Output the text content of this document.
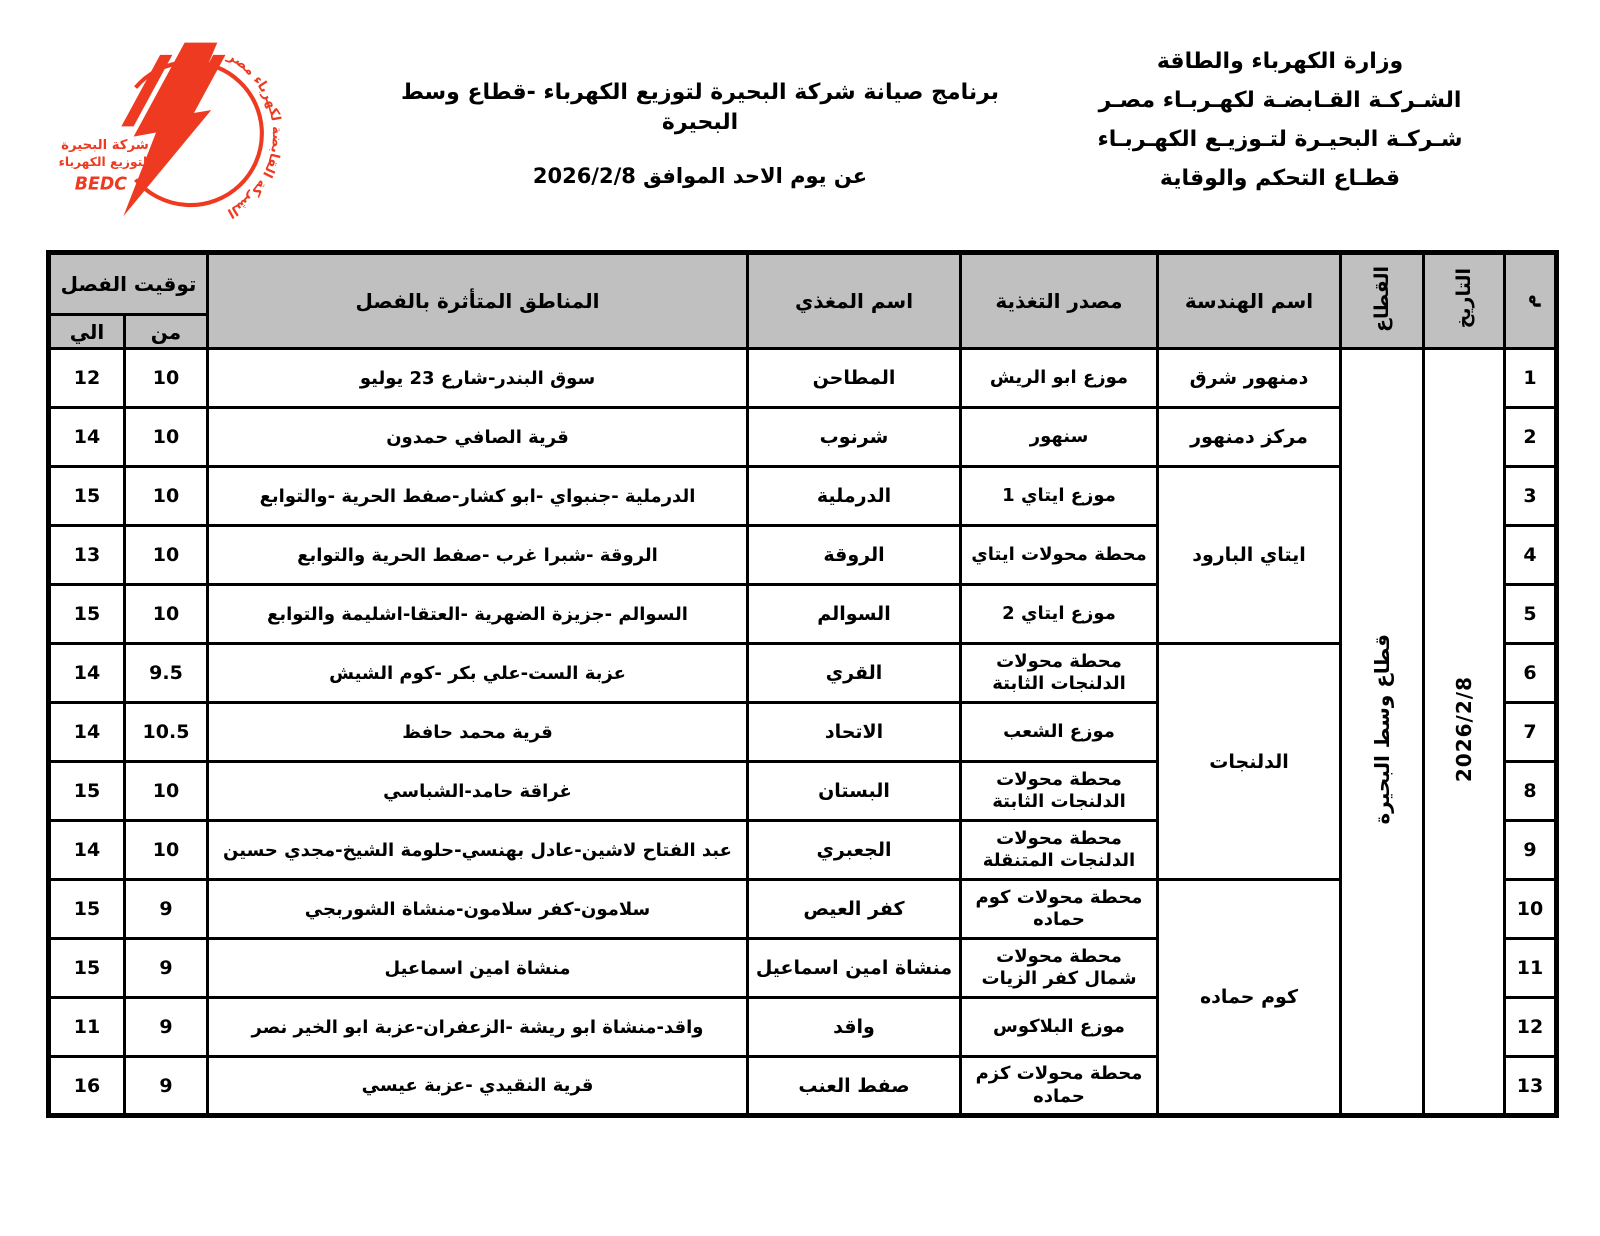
الشركة القابضة لكهرباء مصر
شركة البحيرة
لتوزيع الكهرباء
BEDC
برنامج صيانة شركة البحيرة لتوزيع الكهرباء -قطاع وسط البحيرة
عن يوم الاحد الموافق 2026/2/8
وزارة الكهرباء والطاقة
الشـركـة القـابضـة لكهـربـاء مصـر
شـركـة البحيـرة لتـوزيـع الكهـربـاء
قطـاع التحكم والوقاية
م	التاريخ	القطاع	اسم الهندسة	مصدر التغذية	اسم المغذي	المناطق المتأثرة بالفصل	توقيت الفصل	
							من	الي
1	2026/2/8	قطاع وسط البحيرة	دمنهور شرق	موزع ابو الريش	المطاحن	سوق البندر-شارع 23 يوليو	10	12
2			مركز دمنهور	سنهور	شرنوب	قرية الصافي حمدون	10	14
3			ايتاي البارود	موزع ايتاي 1	الدرملية	الدرملية -جنبواي -ابو كشار-صفط الحرية -والتوابع	10	15
4				محطة محولات ايتاي	الروقة	الروقة -شبرا غرب -صفط الحرية والتوابع	10	13
5				موزع ايتاي 2	السوالم	السوالم -جزيزة الضهرية -العتقا-اشليمة والتوابع	10	15
6			الدلنجات	محطة محولات الدلنجات الثابتة	القري	عزبة الست-علي بكر -كوم الشيش	9.5	14
7				موزع الشعب	الاتحاد	قرية محمد حافظ	10.5	14
8				محطة محولات الدلنجات الثابتة	البستان	غراقة حامد-الشباسي	10	15
9				محطة محولات الدلنجات المتنقلة	الجعبري	عبد الفتاح لاشين-عادل بهنسي-حلومة الشيخ-مجدي حسين	10	14
10			كوم حماده	محطة محولات كوم حماده	كفر العيص	سلامون-كفر سلامون-منشاة الشوربجي	9	15
11				محطة محولات شمال كفر الزيات	منشاة امين اسماعيل	منشاة امين اسماعيل	9	15
12				موزع البلاكوس	واقد	واقد-منشاة ابو ريشة -الزعفران-عزبة ابو الخير نصر	9	11
13				محطة محولات كزم حماده	صفط العنب	قرية النقيدي -عزبة عيسي	9	16
